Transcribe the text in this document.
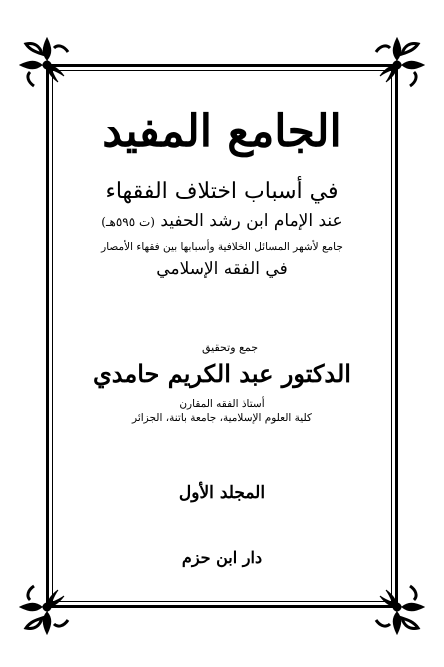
الجامع المفيد
في أسباب اختلاف الفقهاء
عند الإمام ابن رشد الحفيد (ت ٥٩٥هـ)
جامع لأشهر المسائل الخلافية وأسبابها بين فقهاء الأمصار
في الفقه الإسلامي
جمع وتحقيق
الدكتور عبد الكريم حامدي
أستاذ الفقه المقارن
كلية العلوم الإسلامية، جامعة باتنة، الجزائر
المجلد الأول
دار ابن حزم
